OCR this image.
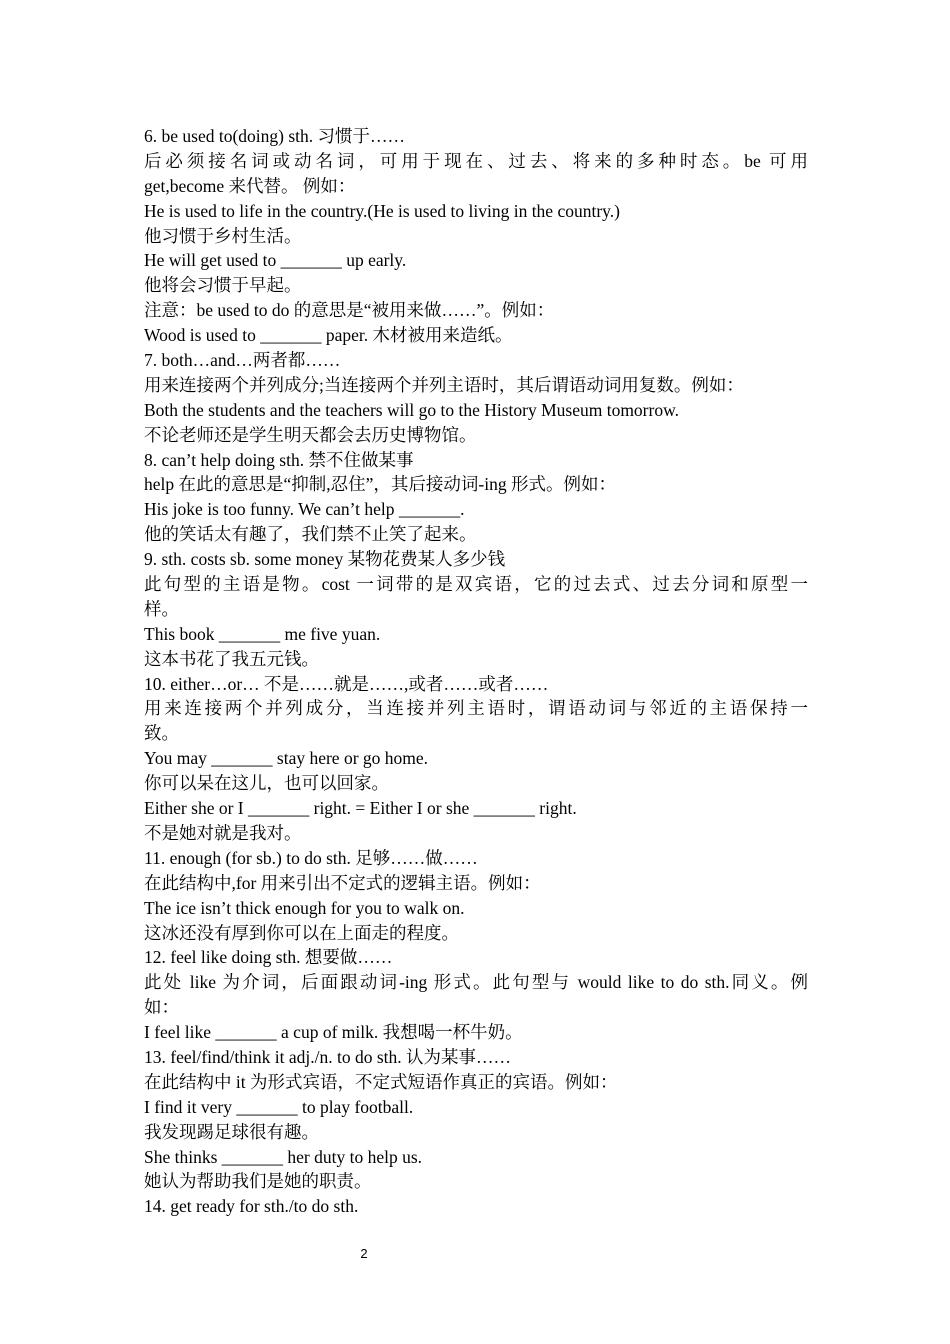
6. be used to(doing) sth. 习惯于……
后必须接名词或动名词，可用于现在、过去、将来的多种时态。be 可用
get,become 来代替。 例如：
He is used to life in the country.(He is used to living in the country.)
他习惯于乡村生活。
He will get used to _______ up early.
他将会习惯于早起。
注意：be used to do 的意思是“被用来做……”。例如：
Wood is used to _______ paper. 木材被用来造纸。
7. both…and…两者都……
用来连接两个并列成分;当连接两个并列主语时，其后谓语动词用复数。例如：
Both the students and the teachers will go to the History Museum tomorrow.
不论老师还是学生明天都会去历史博物馆。
8. can’t help doing sth. 禁不住做某事
help 在此的意思是“抑制,忍住”，其后接动词-ing 形式。例如：
His joke is too funny. We can’t help _______.
他的笑话太有趣了，我们禁不止笑了起来。
9. sth. costs sb. some money 某物花费某人多少钱
此句型的主语是物。cost 一词带的是双宾语，它的过去式、过去分词和原型一
样。
This book _______ me five yuan.
这本书花了我五元钱。
10. either…or… 不是……就是……,或者……或者……
用来连接两个并列成分，当连接并列主语时，谓语动词与邻近的主语保持一
致。
You may _______ stay here or go home.
你可以呆在这儿，也可以回家。
Either she or I _______ right. = Either I or she _______ right.
不是她对就是我对。
11. enough (for sb.) to do sth. 足够……做……
在此结构中,for 用来引出不定式的逻辑主语。例如：
The ice isn’t thick enough for you to walk on.
这冰还没有厚到你可以在上面走的程度。
12. feel like doing sth. 想要做……
此处 like 为介词，后面跟动词-ing 形式。此句型与 would like to do sth.同义。例
如：
I feel like _______ a cup of milk. 我想喝一杯牛奶。
13. feel/find/think it adj./n. to do sth. 认为某事……
在此结构中 it 为形式宾语，不定式短语作真正的宾语。例如：
I find it very _______ to play football.
我发现踢足球很有趣。
She thinks _______ her duty to help us.
她认为帮助我们是她的职责。
14. get ready for sth./to do sth.
2
